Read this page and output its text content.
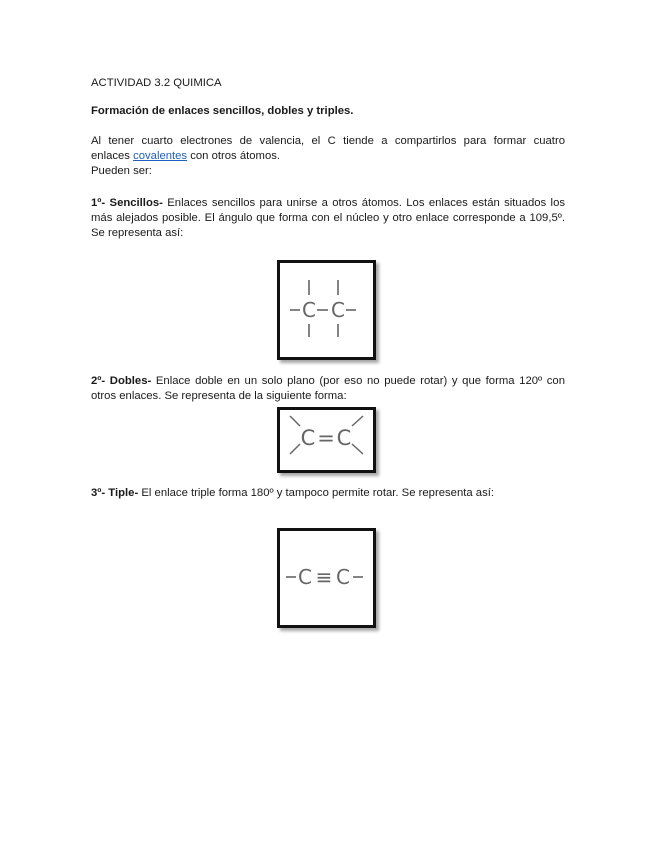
ACTIVIDAD 3.2 QUIMICA

Formación de enlaces sencillos, dobles y triples.

Al tener cuarto electrones de valencia, el C tiende a compartirlos para formar cuatro

enlaces covalentes con otros átomos.

Pueden ser:

1º- Sencillos- Enlaces sencillos para unirse a otros átomos. Los enlaces están situados los

más alejados posible. El ángulo que forma con el núcleo y otro enlace corresponde a 109,5º.

Se representa así:

2º- Dobles- Enlace doble en un solo plano (por eso no puede rotar) y que forma 120º con

otros enlaces. Se representa de la siguiente forma:

3º- Tiple- El enlace triple forma 180º y tampoco permite rotar. Se representa así:

C C
C = C
C ≡ C
